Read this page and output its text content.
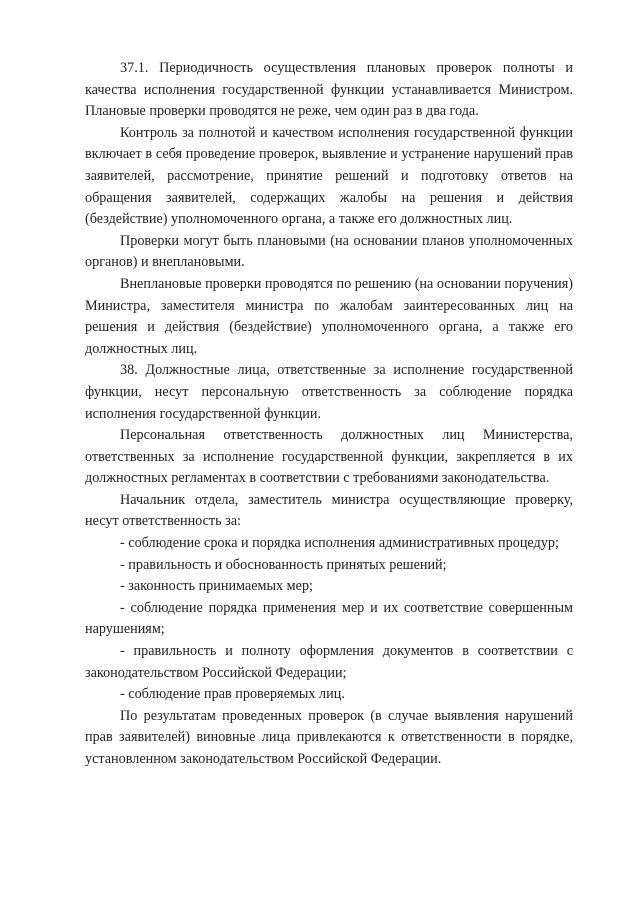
37.1. Периодичность осуществления плановых проверок полноты и качества исполнения государственной функции устанавливается Министром. Плановые проверки проводятся не реже, чем один раз в два года.

Контроль за полнотой и качеством исполнения государственной функции включает в себя проведение проверок, выявление и устранение нарушений прав заявителей, рассмотрение, принятие решений и подготовку ответов на обращения заявителей, содержащих жалобы на решения и действия (бездействие) уполномоченного органа, а также его должностных лиц.

Проверки могут быть плановыми (на основании планов уполномоченных органов) и внеплановыми.

Внеплановые проверки проводятся по решению (на основании поручения) Министра, заместителя министра по жалобам заинтересованных лиц на решения и действия (бездействие) уполномоченного органа, а также его должностных лиц.

38. Должностные лица, ответственные за исполнение государственной функции, несут персональную ответственность за соблюдение порядка исполнения государственной функции.

Персональная ответственность должностных лиц Министерства, ответственных за исполнение государственной функции, закрепляется в их должностных регламентах в соответствии с требованиями законодательства.

Начальник отдела, заместитель министра осуществляющие проверку, несут ответственность за:

- соблюдение срока и порядка исполнения административных процедур;

- правильность и обоснованность принятых решений;

- законность принимаемых мер;

- соблюдение порядка применения мер и их соответствие совершенным нарушениям;

- правильность и полноту оформления документов в соответствии с законодательством Российской Федерации;

- соблюдение прав проверяемых лиц.

По результатам проведенных проверок (в случае выявления нарушений прав заявителей) виновные лица привлекаются к ответственности в порядке, установленном законодательством Российской Федерации.
